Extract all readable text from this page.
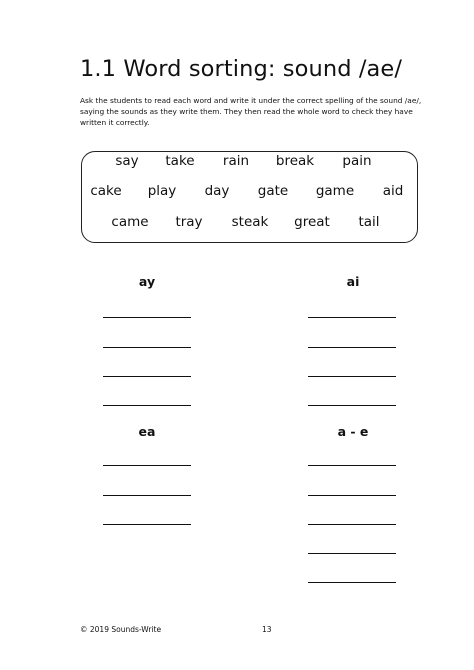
1.1 Word sorting: sound /ae/
Ask the students to read each word and write it under the correct spelling of the sound /ae/,
saying the sounds as they write them. They then read the whole word to check they have
written it correctly.
say take rain break pain
cake play day gate game aid
came tray steak great tail
ay	ai
ea	a - e
© 2019 Sounds-Write	13
